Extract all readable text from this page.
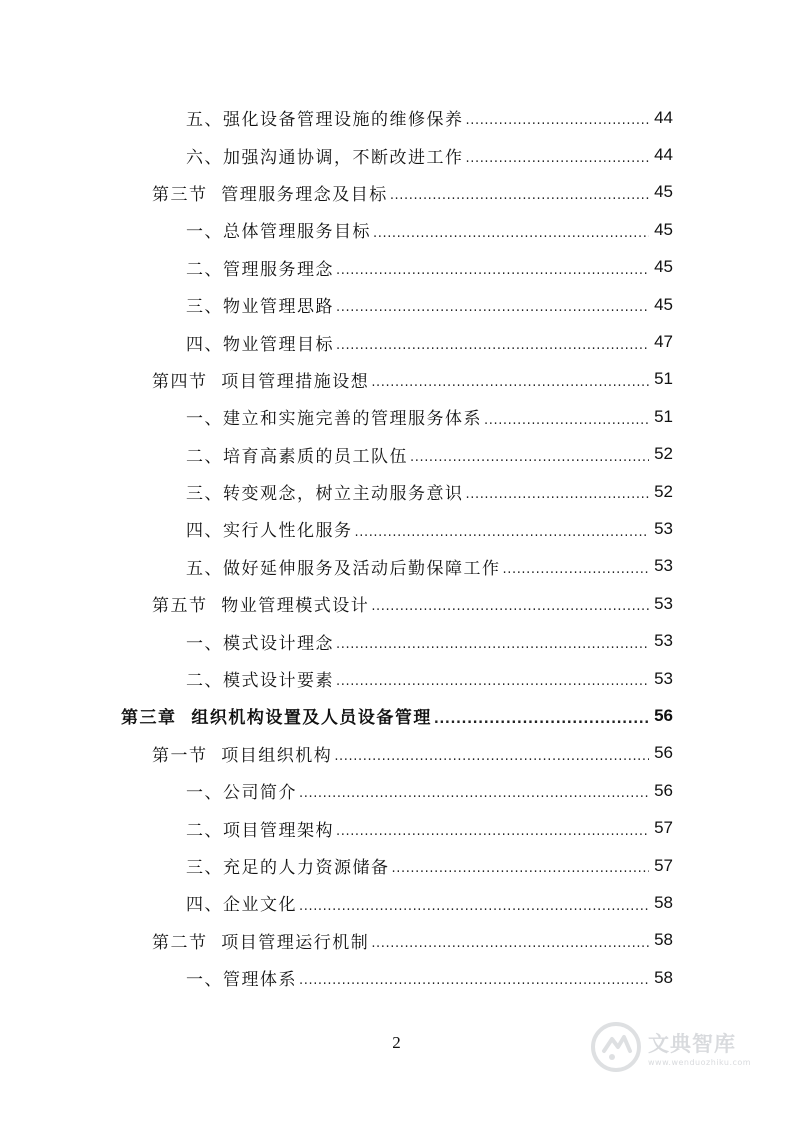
五、强化设备管理设施的维修保养 .....	44
六、加强沟通协调，不断改进工作 .....	44
第三节  管理服务理念及目标 .....	45
一、总体管理服务目标 .....	45
二、管理服务理念 .....	45
三、物业管理思路 .....	45
四、物业管理目标 .....	47
第四节  项目管理措施设想 .....	51
一、建立和实施完善的管理服务体系 .....	51
二、培育高素质的员工队伍 .....	52
三、转变观念，树立主动服务意识 .....	52
四、实行人性化服务 .....	53
五、做好延伸服务及活动后勤保障工作 .....	53
第五节  物业管理模式设计 .....	53
一、模式设计理念 .....	53
二、模式设计要素 .....	53
第三章  组织机构设置及人员设备管理 .....	56
第一节  项目组织机构 .....	56
一、公司简介 .....	56
二、项目管理架构 .....	57
三、充足的人力资源储备 .....	57
四、企业文化 .....	58
第二节  项目管理运行机制 .....	58
一、管理体系 .....	58
2	文典智库
www.wenduozhiku.com
